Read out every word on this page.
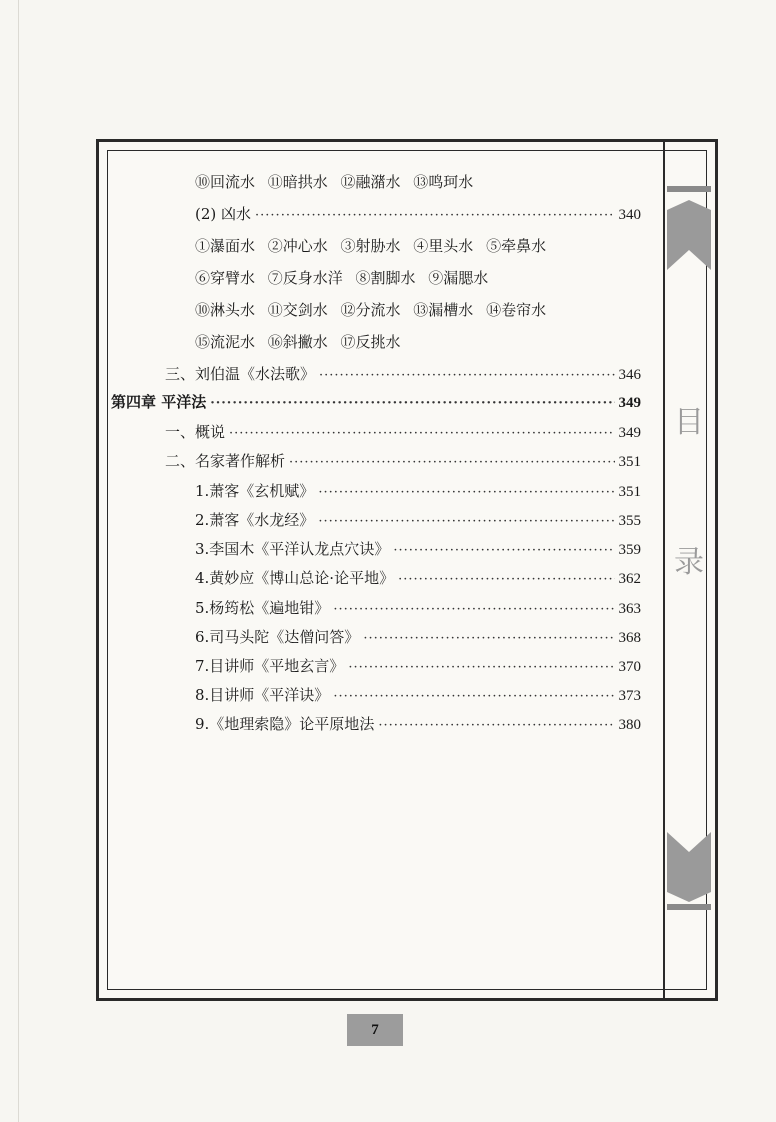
⑩回流水 ⑪暗拱水 ⑫融潴水 ⑬鸣珂水
(2) 凶水 ·····	340
①瀑面水 ②冲心水 ③射胁水 ④里头水 ⑤牵鼻水
⑥穿臂水 ⑦反身水洋 ⑧割脚水 ⑨漏腮水
⑩淋头水 ⑪交剑水 ⑫分流水 ⑬漏槽水 ⑭卷帘水
⑮流泥水 ⑯斜撇水 ⑰反挑水
三、刘伯温《水法歌》 ·····	346
第四章 平洋法 ·····	349
一、概说 ·····	349
二、名家著作解析 ·····	351
1.萧客《玄机赋》 ·····	351
2.萧客《水龙经》 ·····	355
3.李国木《平洋认龙点穴诀》 ·····	359
4.黄妙应《博山总论·论平地》 ·····	362
5.杨筠松《遍地钳》 ·····	363
6.司马头陀《达僧问答》 ·····	368
7.目讲师《平地玄言》 ·····	370
8.目讲师《平洋诀》 ·····	373
9.《地理索隐》论平原地法 ·····	380
目
录
7
